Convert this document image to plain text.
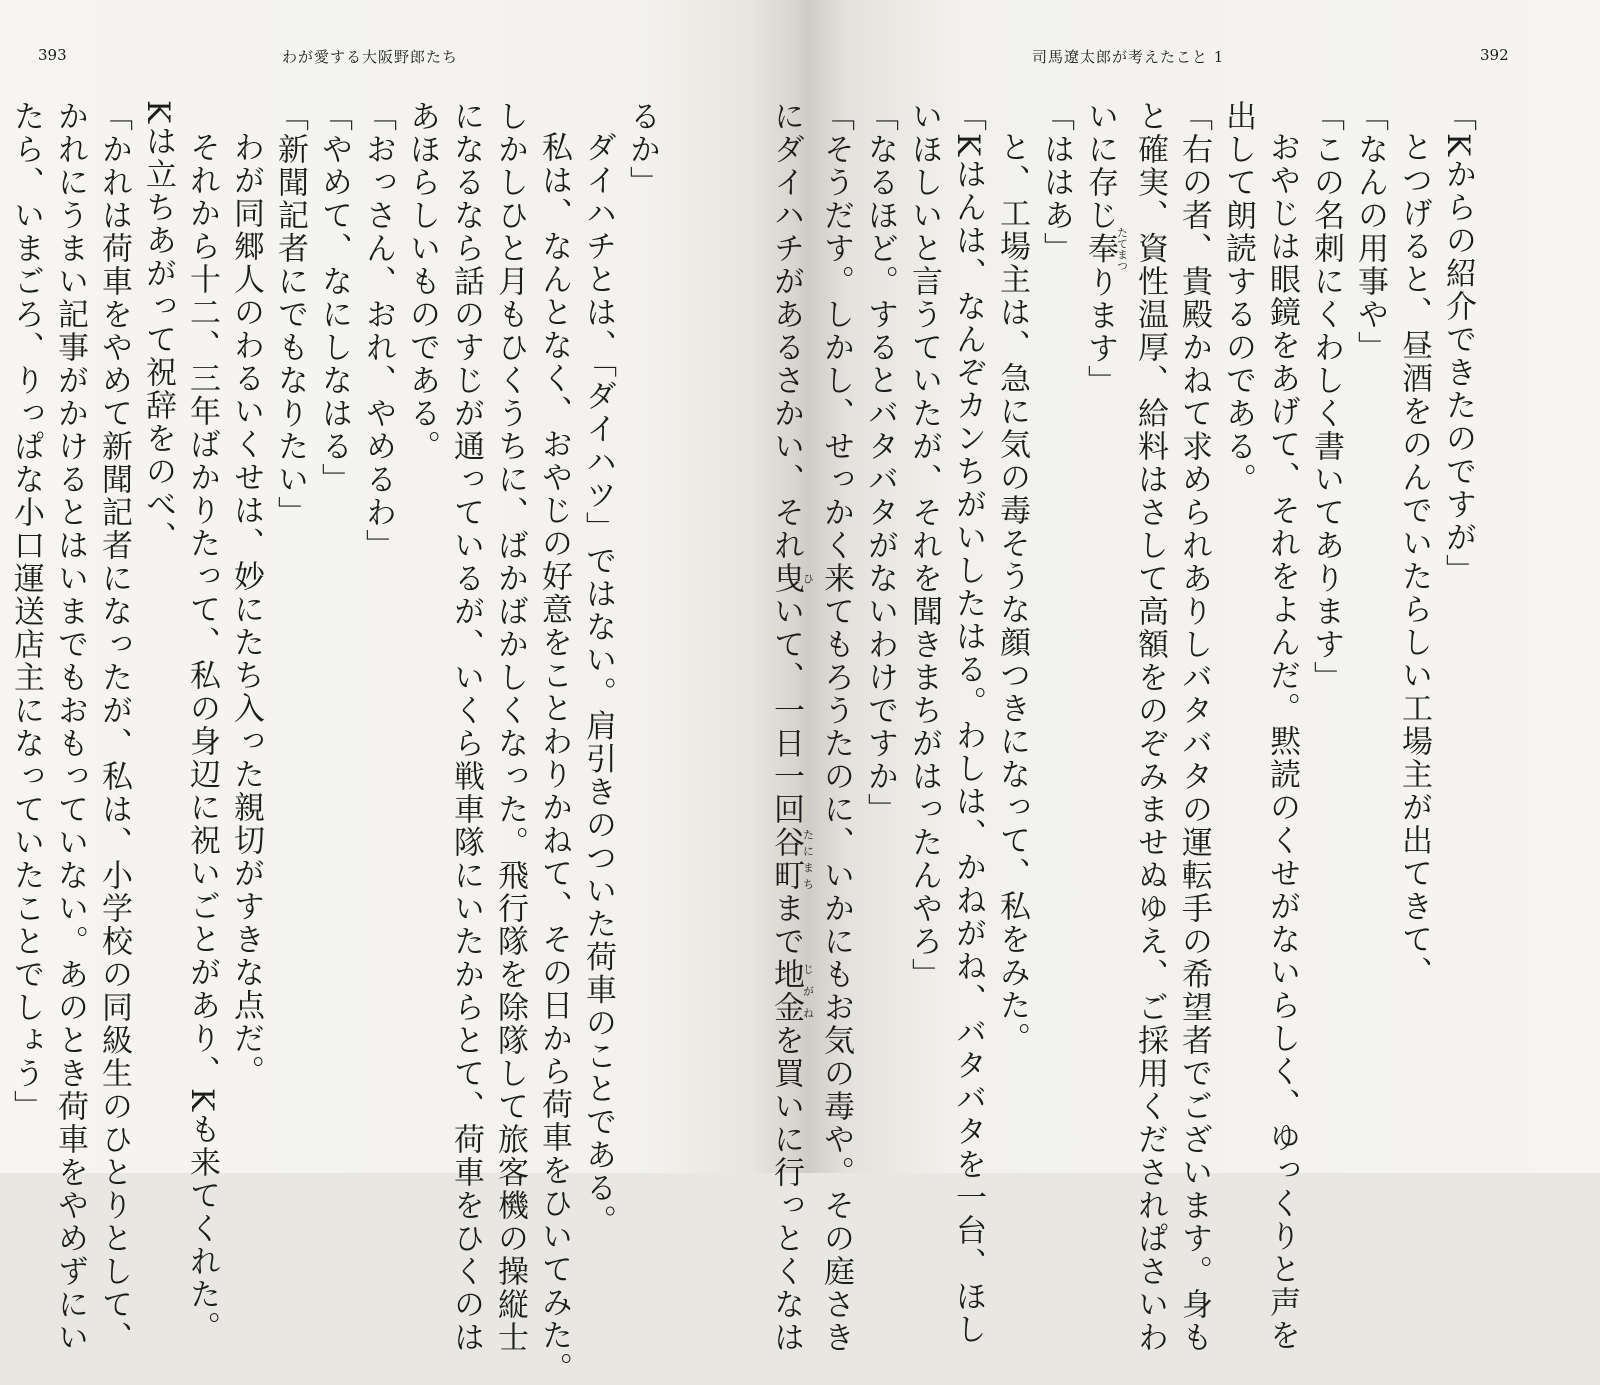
393	わが愛する大阪野郎たち
るか」
ダイハチとは、「ダイハツ」ではない。肩引きのついた荷車のことである。
私は、なんとなく、おやじの好意をことわりかねて、その日から荷車をひいてみた。
しかしひと月もひくうちに、ばかばかしくなった。飛行隊を除隊して旅客機の操縦士
になるなら話のすじが通っているが、いくら戦車隊にいたからとて、荷車をひくのは
あほらしいものである。
「おっさん、おれ、やめるわ」
「やめて、なにしなはる」
「新聞記者にでもなりたい」
わが同郷人のわるいくせは、妙にたち入った親切がすきな点だ。
それから十二、三年ばかりたって、私の身辺に祝いごとがあり、Kも来てくれた。
Kは立ちあがって祝辞をのべ、
「かれは荷車をやめて新聞記者になったが、私は、小学校の同級生のひとりとして、
かれにうまい記事がかけるとはいまでもおもっていない。あのとき荷車をやめずにい
たら、いまごろ、りっぱな小口運送店主になっていたことでしょう」
司馬遼太郎が考えたこと 1	392
「Kからの紹介できたのですが」
とつげると、昼酒をのんでいたらしい工場主が出てきて、
「なんの用事や」
「この名刺にくわしく書いてあります」
おやじは眼鏡をあげて、それをよんだ。黙読のくせがないらしく、ゆっくりと声を
出して朗読するのである。
「右の者、貴殿かねて求められありしバタバタの運転手の希望者でございます。身も
と確実、資性温厚、給料はさして高額をのぞみませぬゆえ、ご採用くだされぱさいわ
いに存じ奉たてまつります」
「ははあ」
と、工場主は、急に気の毒そうな顔つきになって、私をみた。
「Kはんは、なんぞカンちがいしたはる。わしは、かねがね、バタバタを一台、ほし
いほしいと言うていたが、それを聞きまちがはったんやろ」
「なるほど。するとバタバタがないわけですか」
「そうだす。しかし、せっかく来てもろうたのに、いかにもお気の毒や。その庭さき
にダイハチがあるさかい、それ曳ひいて、一日一回谷町たにまちまで地金じがねを買いに行っとくなは
